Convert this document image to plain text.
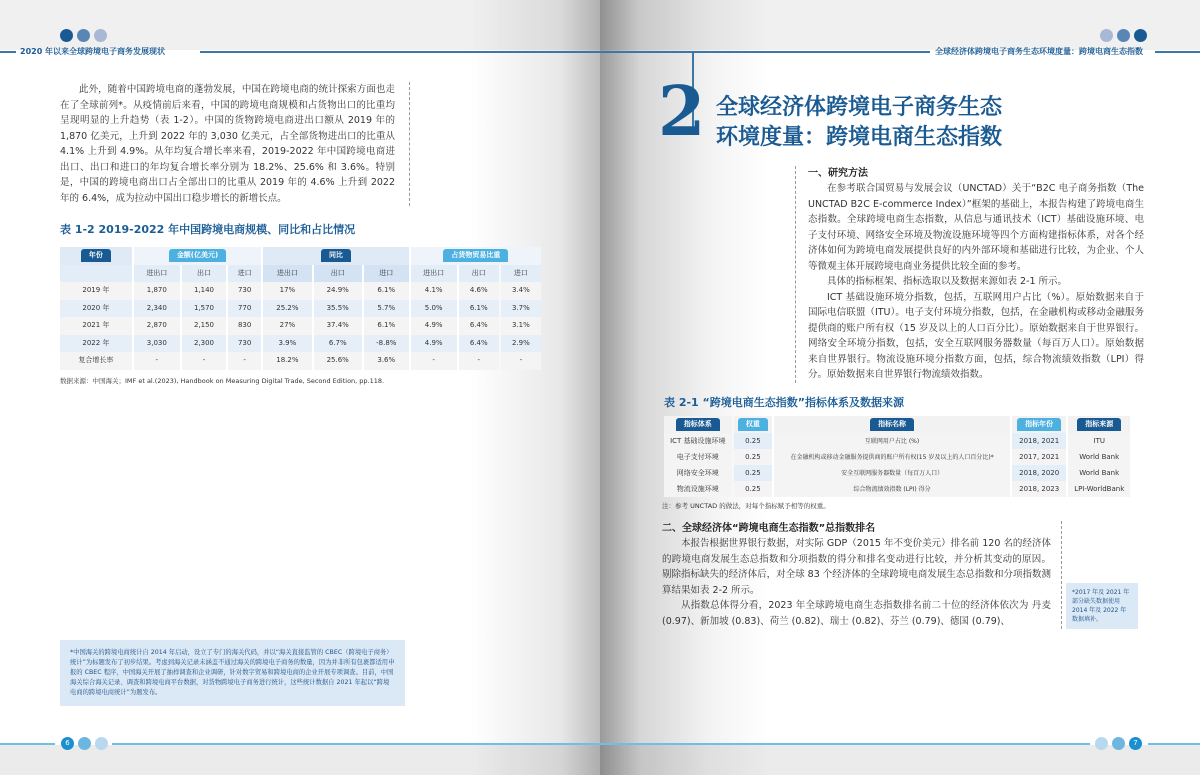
2020 年以来全球跨境电子商务发展现状

此外，随着中国跨境电商的蓬勃发展，中国在跨境电商的统计探索方面也走在了全球前列*。从疫情前后来看，中国的跨境电商规模和占货物出口的比重均呈现明显的上升趋势（表 1-2）。中国的货物跨境电商进出口额从 2019 年的 1,870 亿美元，上升到 2022 年的 3,030 亿美元，占全部货物进出口的比重从 4.1% 上升到 4.9%。从年均复合增长率来看，2019-2022 年中国跨境电商进出口、出口和进口的年均复合增长率分别为 18.2%、25.6% 和 3.6%。特别是，中国的跨境电商出口占全部出口的比重从 2019 年的 4.6% 上升到 2022 年的 6.4%，成为拉动中国出口稳步增长的新增长点。

表 1-2 2019-2022 年中国跨境电商规模、同比和占比情况
年份	金额(亿美元)			同比			占货物贸易比重		
	进出口	出口	进口	进出口	出口	进口	进出口	出口	进口
2019 年	1,870	1,140	730	17%	24.9%	6.1%	4.1%	4.6%	3.4%
2020 年	2,340	1,570	770	25.2%	35.5%	5.7%	5.0%	6.1%	3.7%
2021 年	2,870	2,150	830	27%	37.4%	6.1%	4.9%	6.4%	3.1%
2022 年	3,030	2,300	730	3.9%	6.7%	-8.8%	4.9%	6.4%	2.9%
复合增长率	-	-	-	18.2%	25.6%	3.6%	-	-	-
数据来源：中国海关；IMF et al.(2023), Handbook on Measuring Digital Trade, Second Edition, pp.118.
*中国海关的跨境电商统计自 2014 年启动，设立了专门的海关代码，并以“海关直接监管的 CBEC（跨境电子商务）统计”为标题发布了初步结果。考虑到海关记录未涵盖不通过海关的跨境电子商务的数量，因为并非所有包裹都适用申报的 CBEC 程序，中国海关开展了抽样调查和企业调研，针对数字贸易和跨境电商的企业开展专项调查。目前，中国海关综合海关记录、调查和跨境电商平台数据，对货物跨境电子商务进行统计，这些统计数据自 2021 年起以“跨境电商的跨境电商统计”为题发布。
6
全球经济体跨境电子商务生态环境度量：跨境电商生态指数
2 全球经济体跨境电子商务生态
环境度量：跨境电商生态指数
一、研究方法

在参考联合国贸易与发展会议（UNCTAD）关于“B2C 电子商务指数（The UNCTAD B2C E-commerce Index）”框架的基础上，本报告构建了跨境电商生态指数。全球跨境电商生态指数，从信息与通讯技术（ICT）基础设施环境、电子支付环境、网络安全环境及物流设施环境等四个方面构建指标体系，对各个经济体如何为跨境电商发展提供良好的内外部环境和基础进行比较，为企业、个人等微观主体开展跨境电商业务提供比较全面的参考。

具体的指标框架、指标选取以及数据来源如表 2-1 所示。

ICT 基础设施环境分指数，包括，互联网用户占比（%）。原始数据来自于国际电信联盟（ITU）。电子支付环境分指数，包括，在金融机构或移动金融服务提供商的账户所有权（15 岁及以上的人口百分比）。原始数据来自于世界银行。网络安全环境分指数，包括，安全互联网服务器数量（每百万人口）。原始数据来自世界银行。物流设施环境分指数方面，包括，综合物流绩效指数（LPI）得分。原始数据来自世界银行物流绩效指数。

表 2-1 “跨境电商生态指数”指标体系及数据来源
指标体系	权重	指标名称	指标年份	指标来源
ICT 基础设施环境	0.25	互联网用户占比 (%)	2018, 2021	ITU
电子支付环境	0.25	在金融机构或移动金融服务提供商的账户所有权(15 岁及以上的人口百分比)*	2017, 2021	World Bank
网络安全环境	0.25	安全互联网服务器数量（每百万人口）	2018, 2020	World Bank
物流设施环境	0.25	综合物流绩效指数 (LPI) 得分	2018, 2023	LPI-WorldBank
注：参考 UNCTAD 的做法，对每个指标赋予相等的权重。
二、全球经济体“跨境电商生态指数”总指数排名

本报告根据世界银行数据，对实际 GDP（2015 年不变价美元）排名前 120 名的经济体的跨境电商发展生态总指数和分项指数的得分和排名变动进行比较，并分析其变动的原因。剔除指标缺失的经济体后，对全球 83 个经济体的全球跨境电商发展生态总指数和分项指数测算结果如表 2-2 所示。

从指数总体得分看，2023 年全球跨境电商生态指数排名前二十位的经济体依次为 丹麦 (0.97)、新加坡 (0.83)、荷兰 (0.82)、瑞士 (0.82)、芬兰 (0.79)、德国 (0.79)、

*2017 年及 2021 年部分缺失数据使用 2014 年及 2022 年数据填补。
7
